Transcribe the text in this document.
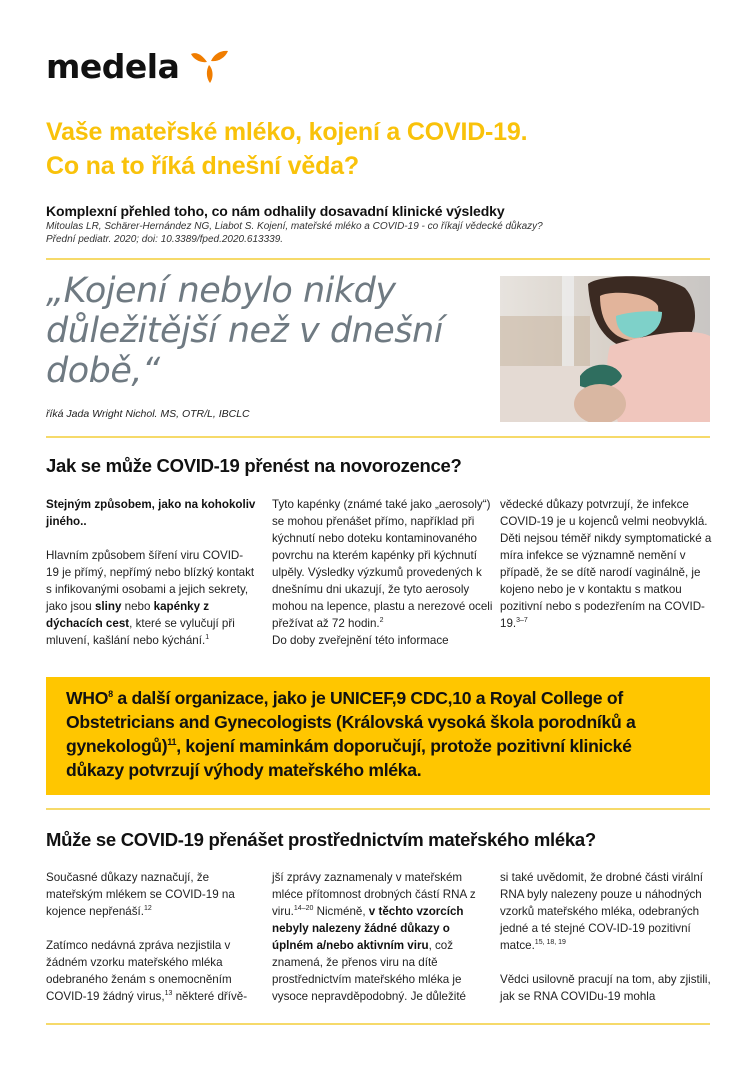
medela
Vaše mateřské mléko, kojení a COVID-19.
Co na to říká dnešní věda?
Komplexní přehled toho, co nám odhalily dosavadní klinické výsledky
Mitoulas LR, Schärer-Hernández NG, Liabot S. Kojení, mateřské mléko a COVID-19 - co říkají vědecké důkazy?
Přední pediatr. 2020; doi: 10.3389/fped.2020.613339.
„Kojení nebylo nikdy
důležitější než v dnešní
době,“
říká Jada Wright Nichol. MS, OTR/L, IBCLC
Jak se může COVID-19 přenést na novorozence?

Stejným způsobem, jako na kohokoliv jiného..

Hlavním způsobem šíření viru COVID-19 je přímý, nepřímý nebo blízký kontakt s infikovanými osobami a jejich sekrety, jako jsou sliny nebo kapénky z dýchacích cest, které se vylučují při mluvení, kašlání nebo kýchání.$^1$

Tyto kapénky (známé také jako „aerosoly“) se mohou přenášet přímo, například při kýchnutí nebo doteku kontaminovaného povrchu na kterém kapénky při kýchnutí ulpěly. Výsledky výzkumů provedených k dnešnímu dni ukazují, že tyto aerosoly mohou na lepence, plastu a nerezové oceli přežívat až 72 hodin.$^2$
Do doby zveřejnění této informace

vědecké důkazy potvrzují, že infekce COVID-19 je u kojenců velmi neobvyklá. Děti nejsou téměř nikdy symptomatické a míra infekce se významně nemění v případě, že se dítě narodí vaginálně, je kojeno nebo je v kontaktu s matkou pozitivní nebo s podezřením na COVID-19.$^{3-7}$

WHO$^8$ a další organizace, jako je UNICEF,9 CDC,10 a Royal College of Obstetricians and Gynecologists (Královská vysoká škola porodníků a gynekologů)$^{11}$, kojení maminkám doporučují, protože pozitivní klinické důkazy potvrzují výhody mateřského mléka.
Může se COVID-19 přenášet prostřednictvím mateřského mléka?

Současné důkazy naznačují, že mateřským mlékem se COVID-19 na kojence nepřenáší.$^{12}$

Zatímco nedávná zpráva nezjistila v žádném vzorku mateřského mléka odebraného ženám s onemocněním COVID-19 žádný virus,$^{13}$ některé dřívě-

jší zprávy zaznamenaly v mateřském mléce přítomnost drobných částí RNA z viru.$^{14-20}$ Nicméně, v těchto vzorcích nebyly nalezeny žádné důkazy o úplném a/nebo aktivním viru, což znamená, že přenos viru na dítě prostřednictvím mateřského mléka je vysoce nepravděpodobný. Je důležité

si také uvědomit, že drobné části virální RNA byly nalezeny pouze u náhodných vzorků mateřského mléka, odebraných jedné a té stejné COV-ID-19 pozitivní matce.$^{15, 18, 19}$

Vědci usilovně pracují na tom, aby zjistili, jak se RNA COVIDu-19 mohla
